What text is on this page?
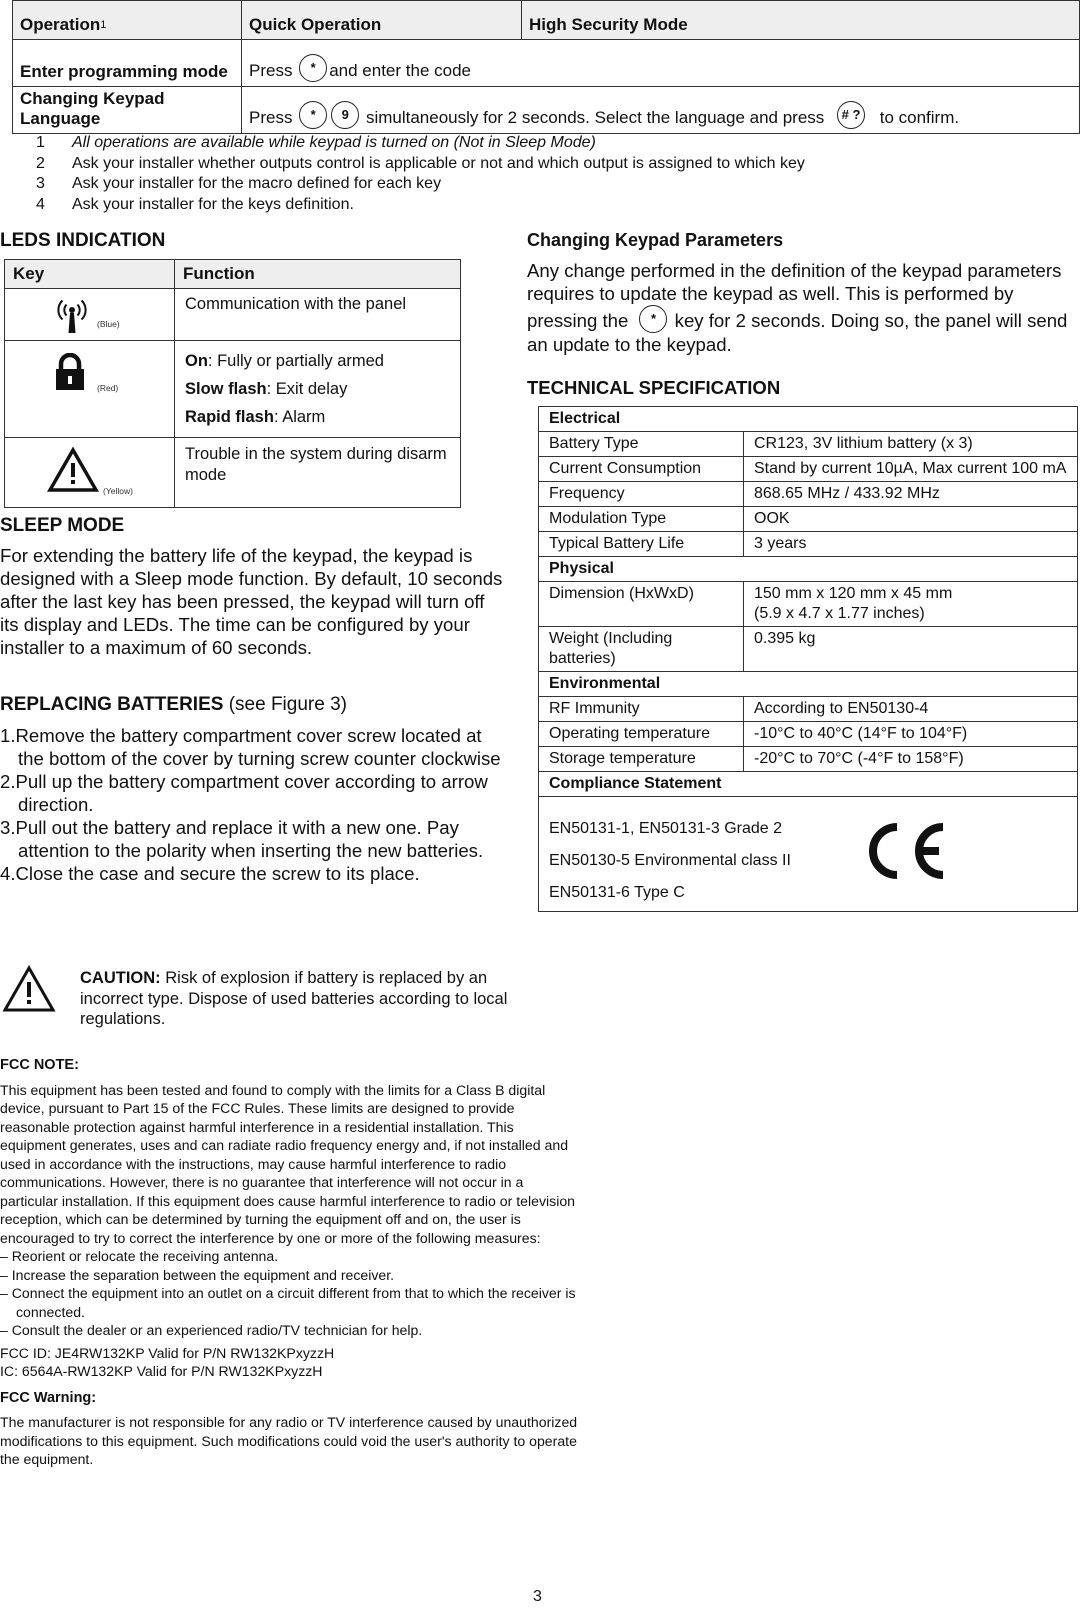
Operation$^1$	Quick Operation	High Security Mode
Enter programming mode	Press * and enter the code	
Changing Keypad Language	Press * 9 simultaneously for 2 seconds. Select the language and press # ? to confirm.	
1 All operations are available while keypad is turned on (Not in Sleep Mode)
2 Ask your installer whether outputs control is applicable or not and which output is assigned to which key
3 Ask your installer for the macro defined for each key
4 Ask your installer for the keys definition.
LEDS INDICATION
Key	Function

(Blue)	Communication with the panel

(Red)	On: Fully or partially armed
Slow flash: Exit delay
Rapid flash: Alarm

(Yellow)	Trouble in the system during disarm mode
SLEEP MODE

For extending the battery life of the keypad, the keypad is designed with a Sleep mode function. By default, 10 seconds after the last key has been pressed, the keypad will turn off its display and LEDs. The time can be configured by your installer to a maximum of 60 seconds.

REPLACING BATTERIES (see Figure 3)
1.Remove the battery compartment cover screw located at the bottom of the cover by turning screw counter clockwise
2.Pull up the battery compartment cover according to arrow direction.
3.Pull out the battery and replace it with a new one. Pay attention to the polarity when inserting the new batteries.
4.Close the case and secure the screw to its place.

CAUTION: Risk of explosion if battery is replaced by an incorrect type. Dispose of used batteries according to local regulations.

FCC NOTE:

This equipment has been tested and found to comply with the limits for a Class B digital device, pursuant to Part 15 of the FCC Rules. These limits are designed to provide reasonable protection against harmful interference in a residential installation. This equipment generates, uses and can radiate radio frequency energy and, if not installed and used in accordance with the instructions, may cause harmful interference to radio communications. However, there is no guarantee that interference will not occur in a particular installation. If this equipment does cause harmful interference to radio or television reception, which can be determined by turning the equipment off and on, the user is encouraged to try to correct the interference by one or more of the following measures:

– Reorient or relocate the receiving antenna.
– Increase the separation between the equipment and receiver.
– Connect the equipment into an outlet on a circuit different from that to which the receiver is connected.
– Consult the dealer or an experienced radio/TV technician for help.
FCC ID: JE4RW132KP Valid for P/N RW132KPxyzzH
IC: 6564A-RW132KP Valid for P/N RW132KPxyzzH
FCC Warning:

The manufacturer is not responsible for any radio or TV interference caused by unauthorized modifications to this equipment. Such modifications could void the user's authority to operate the equipment.

Changing Keypad Parameters

Any change performed in the definition of the keypad parameters requires to update the keypad as well. This is performed by pressing the * key for 2 seconds. Doing so, the panel will send an update to the keypad.

TECHNICAL SPECIFICATION
Electrical	
Battery Type	CR123, 3V lithium battery (x 3)
Current Consumption	Stand by current 10µA, Max current 100 mA
Frequency	868.65 MHz / 433.92 MHz
Modulation Type	OOK
Typical Battery Life	3 years
Physical	
Dimension (HxWxD)	150 mm x 120 mm x 45 mm
(5.9 x 4.7 x 1.77 inches)

Weight (Including batteries)	0.395 kg
Environmental	
RF Immunity	According to EN50130-4
Operating temperature	-10°C to 40°C (14°F to 104°F)
Storage temperature	-20°C to 70°C (-4°F to 158°F)
Compliance Statement	

EN50131-1, EN50131-3 Grade 2
EN50130-5 Environmental class II
EN50131-6 Type C	
3
